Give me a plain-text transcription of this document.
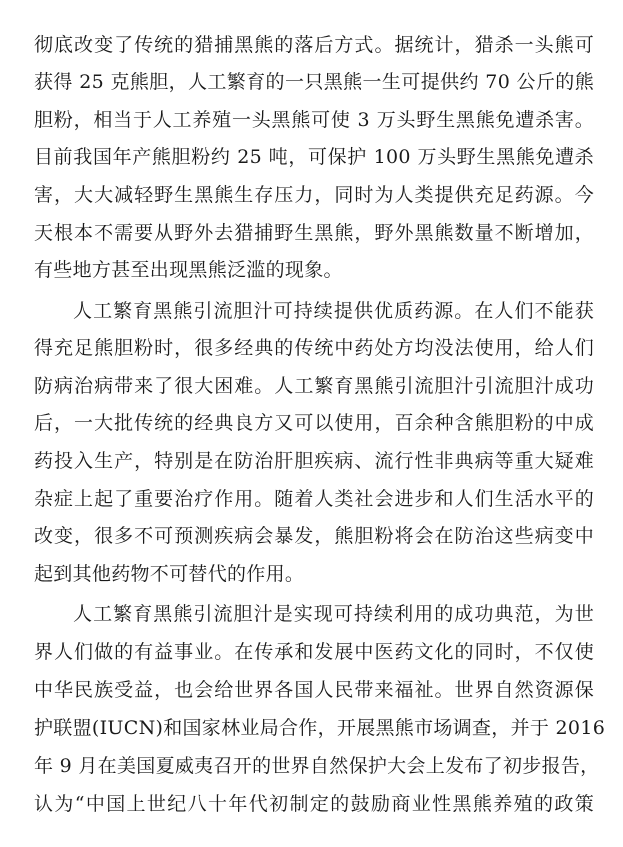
彻底改变了传统的猎捕黑熊的落后方式。据统计，猎杀一头熊可
获得 25 克熊胆，人工繁育的一只黑熊一生可提供约 70 公斤的熊
胆粉，相当于人工养殖一头黑熊可使 3 万头野生黑熊免遭杀害。
目前我国年产熊胆粉约 25 吨，可保护 100 万头野生黑熊免遭杀
害，大大减轻野生黑熊生存压力，同时为人类提供充足药源。今
天根本不需要从野外去猎捕野生黑熊，野外黑熊数量不断增加，
有些地方甚至出现黑熊泛滥的现象。
人工繁育黑熊引流胆汁可持续提供优质药源。在人们不能获
得充足熊胆粉时，很多经典的传统中药处方均没法使用，给人们
防病治病带来了很大困难。人工繁育黑熊引流胆汁引流胆汁成功
后，一大批传统的经典良方又可以使用，百余种含熊胆粉的中成
药投入生产，特别是在防治肝胆疾病、流行性非典病等重大疑难
杂症上起了重要治疗作用。随着人类社会进步和人们生活水平的
改变，很多不可预测疾病会暴发，熊胆粉将会在防治这些病变中
起到其他药物不可替代的作用。
人工繁育黑熊引流胆汁是实现可持续利用的成功典范，为世
界人们做的有益事业。在传承和发展中医药文化的同时，不仅使
中华民族受益，也会给世界各国人民带来福祉。世界自然资源保
护联盟(IUCN)和国家林业局合作，开展黑熊市场调查，并于 2016
年 9 月在美国夏威夷召开的世界自然保护大会上发布了初步报告，
认为“中国上世纪八十年代初制定的鼓励商业性黑熊养殖的政策
